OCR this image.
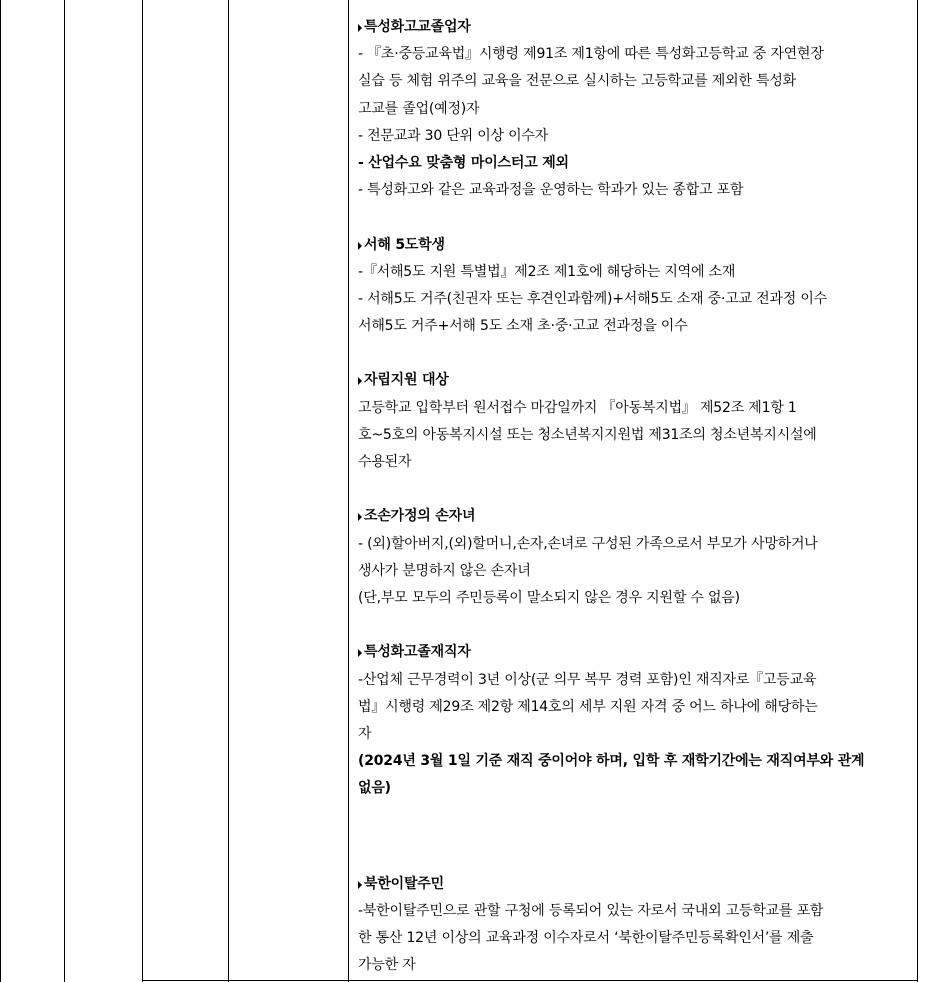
특성화고교졸업자
- 『초·중등교육법』시행령 제91조 제1항에 따른 특성화고등학교 중 자연현장
실습 등 체험 위주의 교육을 전문으로 실시하는 고등학교를 제외한 특성화
고교를 졸업(예정)자
- 전문교과 30 단위 이상 이수자
- 산업수요 맞춤형 마이스터고 제외
- 특성화고와 같은 교육과정을 운영하는 학과가 있는 종합고 포함
서해 5도학생
-『서해5도 지원 특별법』제2조 제1호에 해당하는 지역에 소재
- 서해5도 거주(친권자 또는 후견인과함께)+서해5도 소재 중·고교 전과정 이수
서해5도 거주+서해 5도 소재 초·중·고교 전과정을 이수
자립지원 대상
고등학교 입학부터 원서접수 마감일까지 『아동복지법』 제52조 제1항 1
호~5호의 아동복지시설 또는 청소년복지지원법 제31조의 청소년복지시설에
수용된자
조손가정의 손자녀
- (외)할아버지,(외)할머니,손자,손녀로 구성된 가족으로서 부모가 사망하거나
생사가 분명하지 않은 손자녀
(단,부모 모두의 주민등록이 말소되지 않은 경우 지원할 수 없음)
특성화고졸재직자
-산업체 근무경력이 3년 이상(군 의무 복무 경력 포함)인 재직자로『고등교육
법』시행령 제29조 제2항 제14호의 세부 지원 자격 중 어느 하나에 해당하는
자
(2024년 3월 1일 기준 재직 중이어야 하며, 입학 후 재학기간에는 재직여부와 관계
없음)
북한이탈주민
-북한이탈주민으로 관할 구청에 등록되어 있는 자로서 국내외 고등학교를 포함
한 통산 12년 이상의 교육과정 이수자로서 ‘북한이탈주민등록확인서’를 제출
가능한 자
